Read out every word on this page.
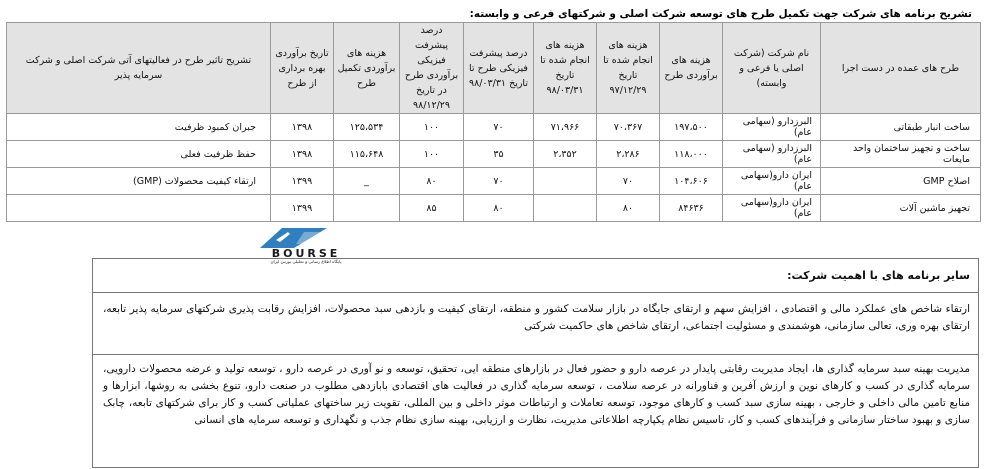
تشریح برنامه های شرکت جهت تکمیل طرح های توسعه شرکت اصلی و شرکتهای فرعی و وابسته:
طرح های عمده در دست اجرا	نام شرکت (شرکت اصلی یا فرعی و وابسته)	هزینه های برآوردی طرح	هزینه های انجام شده تا تاریخ ۹۷/۱۲/۲۹	هزینه های انجام شده تا تاریخ ۹۸/۰۳/۳۱	درصد پیشرفت فیزیکی طرح تا تاریخ ۹۸/۰۳/۳۱	درصد پیشرفت فیزیکی برآوردی طرح در تاریخ ۹۸/۱۲/۲۹	هزینه های برآوردی تکمیل طرح	تاریخ برآوردی بهره برداری از طرح	تشریح تاثیر طرح در فعالیتهای آتی شرکت اصلی و شرکت سرمایه پذیر
ساخت انبار طبقاتی	البرزدارو (سهامی عام)	۱۹۷،۵۰۰	۷۰،۳۶۷	۷۱،۹۶۶	۷۰	۱۰۰	۱۲۵،۵۳۴	۱۳۹۸	جبران کمبود ظرفیت
ساخت و تجهیز ساختمان واحد مایعات	البرزدارو (سهامی عام)	۱۱۸،۰۰۰	۲،۲۸۶	۲،۳۵۲	۳۵	۱۰۰	۱۱۵،۶۴۸	۱۳۹۸	حفظ ظرفیت فعلی
اصلاح GMP	ایران دارو(سهامی عام)	۱۰۴،۶۰۶	۷۰		۷۰	۸۰	_	۱۳۹۹	ارتقاء کیفیت محصولات (GMP)
تجهیز ماشین آلات	ایران دارو(سهامی عام)	۸۴۶۳۶	۸۰		۸۰	۸۵		۱۳۹۹	
BOURSE
پایگاه اطلاع رسانی و تحلیلی بورس ایران
سایر برنامه های با اهمیت شرکت:
ارتقاء شاخص های عملکرد مالی و اقتصادی ، افزایش سهم و ارتقای جایگاه در بازار سلامت کشور و منطقه، ارتقای کیفیت و بازدهی سبد محصولات، افزایش رقابت پذیری شرکتهای سرمایه پذیر تابعه، ارتقای بهره وری، تعالی سازمانی، هوشمندی و مسئولیت اجتماعی، ارتقای شاخص های حاکمیت شرکتی
مدیریت بهینه سبد سرمایه گذاری ها، ایجاد مدیریت رقابتی پایدار در عرصه دارو و حضور فعال در بازارهای منطقه ایی، تحقیق، توسعه و نو آوری در عرصه دارو ، توسعه تولید و عرضه محصولات دارویی، سرمایه گذاری در کسب و کارهای نوین و ارزش آفرین و فناورانه در عرصه سلامت ، توسعه سرمایه گذاری در فعالیت های اقتصادی بابازدهی مطلوب در صنعت دارو، تنوع بخشی به روشها، ابزارها و منابع تامین مالی داخلی و خارجی ، بهینه سازی سبد کسب و کارهای موجود، توسعه تعاملات و ارتباطات موثر داخلی و بین المللی، تقویت زیر ساختهای عملیاتی کسب و کار برای شرکتهای تابعه، چابک سازی و بهبود ساختار سازمانی و فرآیندهای کسب و کار، تاسیس نظام یکپارچه اطلاعاتی مدیریت، نظارت و ارزیابی، بهینه سازی نظام جذب و نگهداری و توسعه سرمایه های انسانی
